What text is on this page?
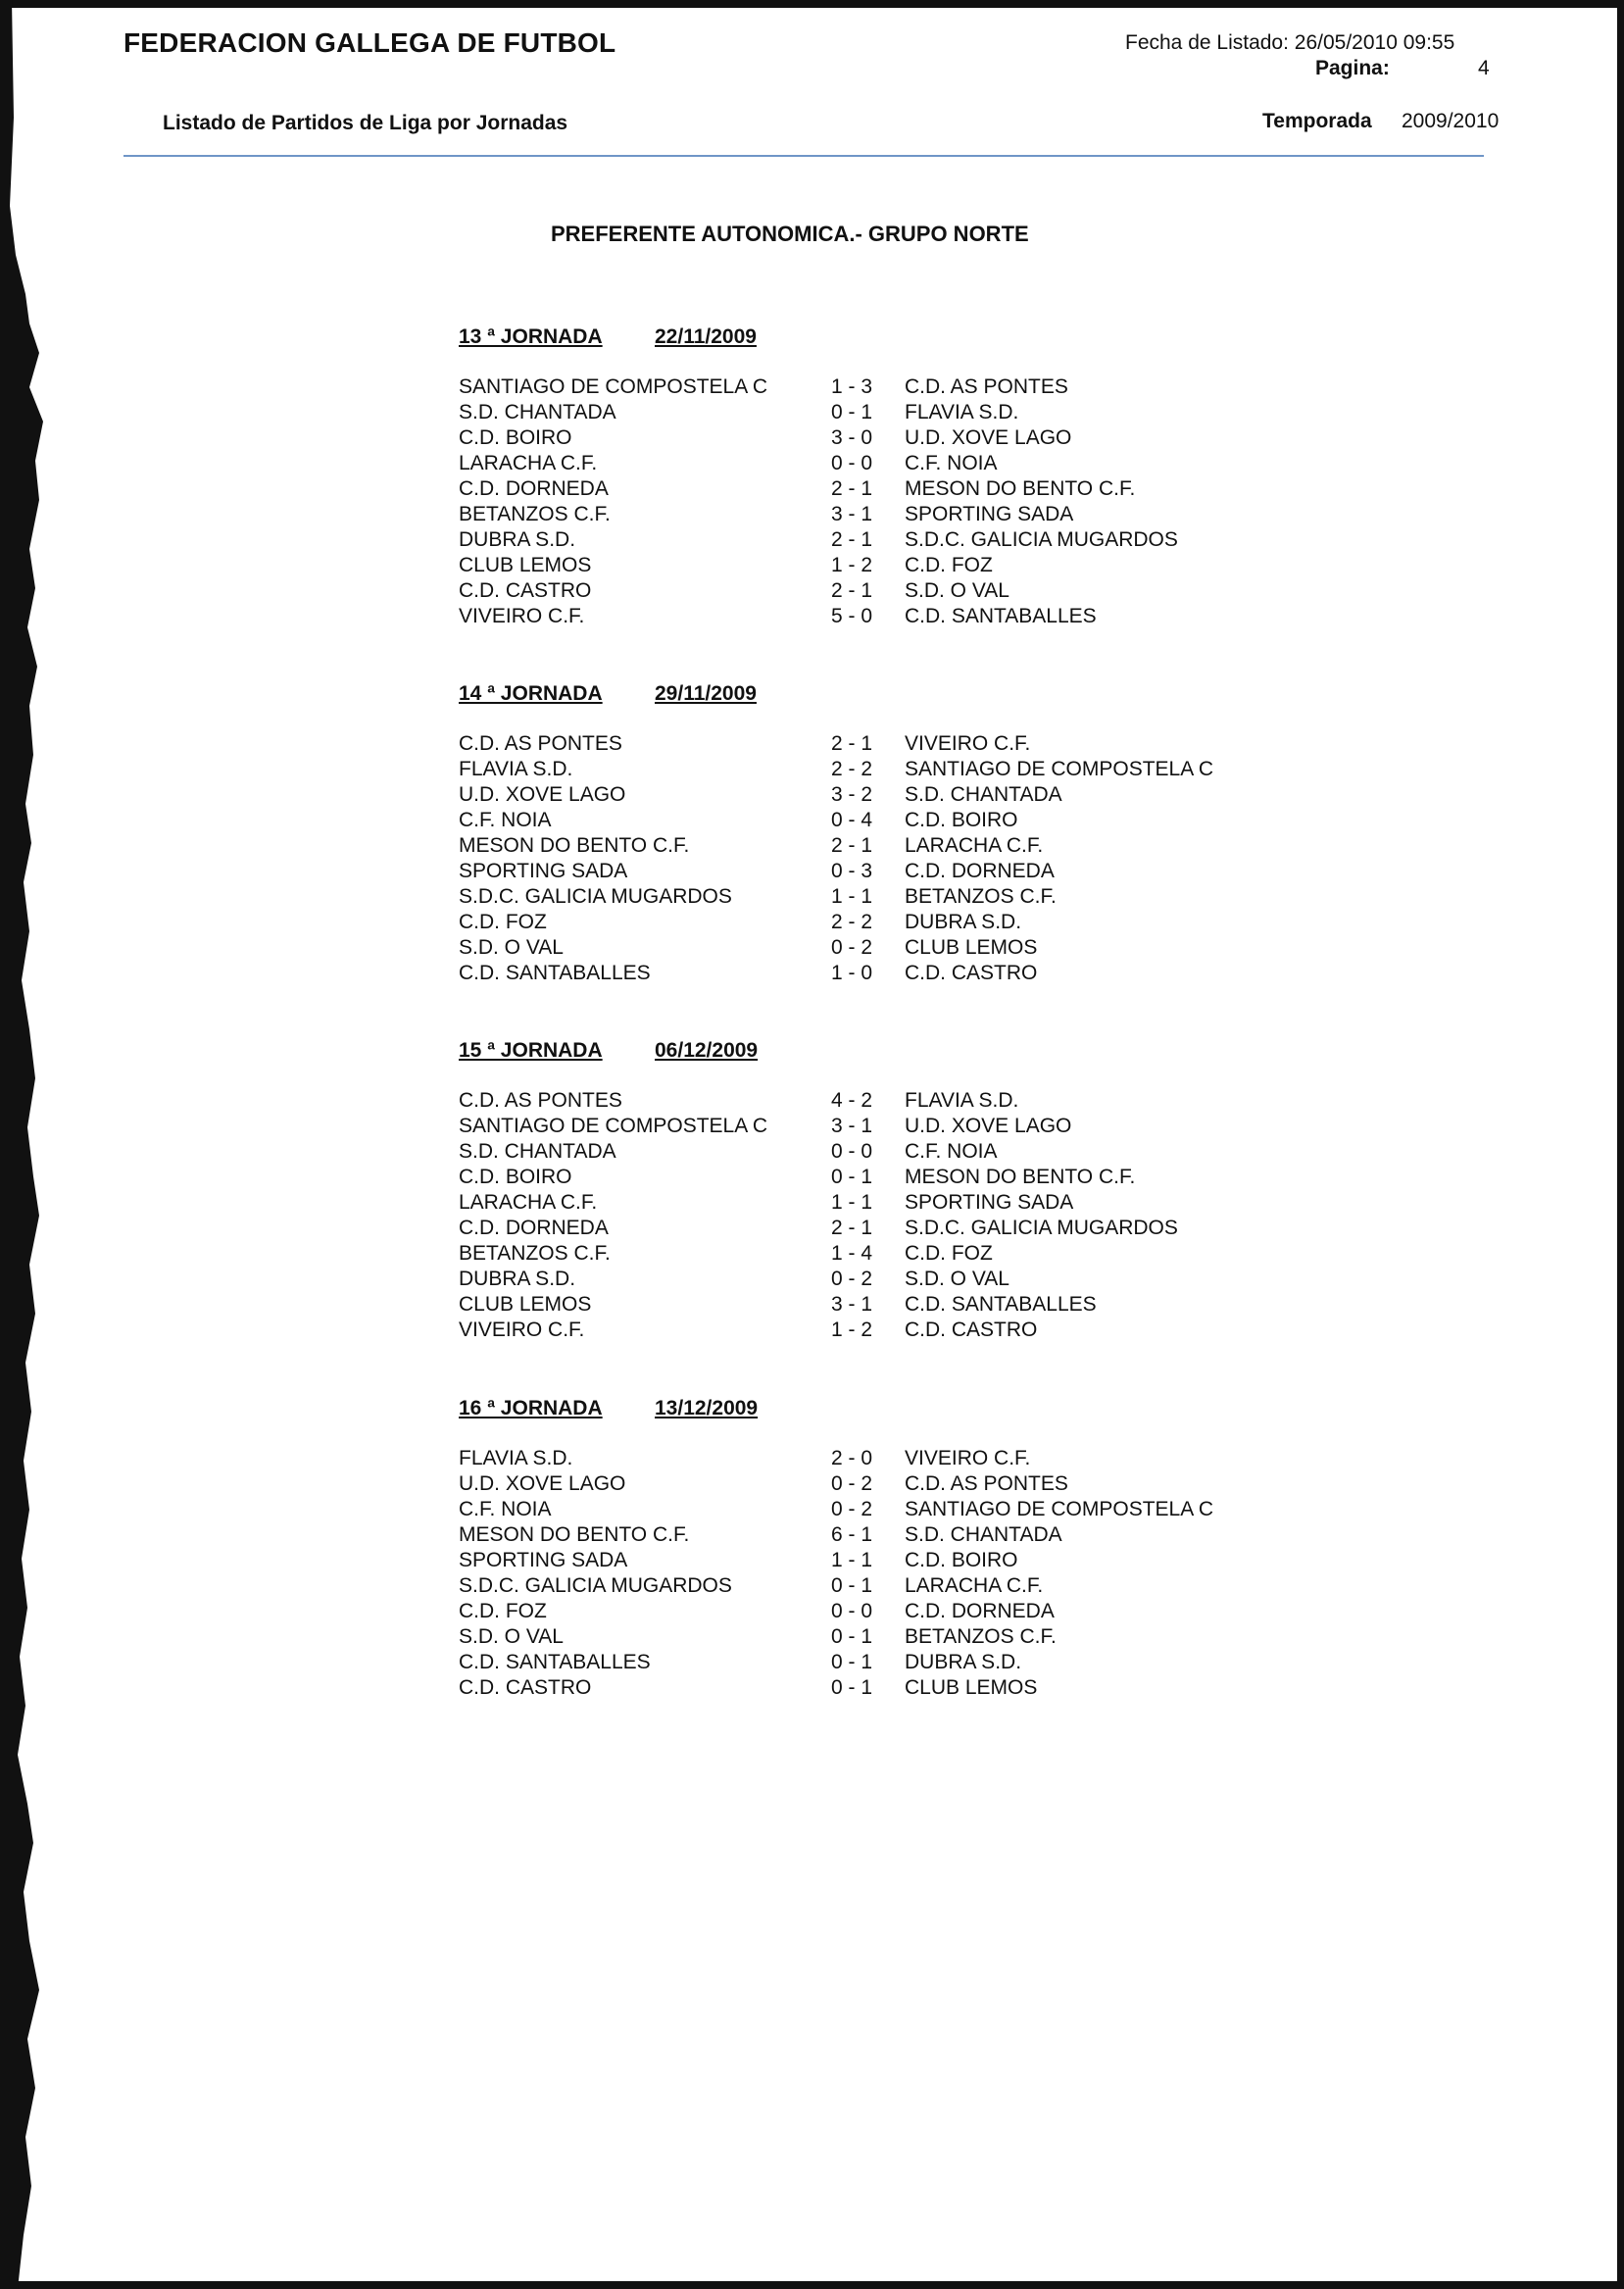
FEDERACION GALLEGA DE FUTBOL	Fecha de Listado: 26/05/2010 09:55
Pagina:	4
Listado de Partidos de Liga por Jornadas	Temporada 2009/2010
PREFERENTE AUTONOMICA.- GRUPO NORTE
13 ª JORNADA	22/11/2009
SANTIAGO DE COMPOSTELA C	1 - 3 C.D. AS PONTES
S.D. CHANTADA	0 - 1 FLAVIA S.D.
C.D. BOIRO	3 - 0 U.D. XOVE LAGO
LARACHA C.F.	0 - 0 C.F. NOIA
C.D. DORNEDA	2 - 1 MESON DO BENTO C.F.
BETANZOS C.F.	3 - 1 SPORTING SADA
DUBRA S.D.	2 - 1 S.D.C. GALICIA MUGARDOS
CLUB LEMOS	1 - 2 C.D. FOZ
C.D. CASTRO	2 - 1 S.D. O VAL
VIVEIRO C.F.	5 - 0 C.D. SANTABALLES
14 ª JORNADA	29/11/2009
C.D. AS PONTES	2 - 1 VIVEIRO C.F.
FLAVIA S.D.	2 - 2 SANTIAGO DE COMPOSTELA C
U.D. XOVE LAGO	3 - 2 S.D. CHANTADA
C.F. NOIA	0 - 4 C.D. BOIRO
MESON DO BENTO C.F.	2 - 1 LARACHA C.F.
SPORTING SADA	0 - 3 C.D. DORNEDA
S.D.C. GALICIA MUGARDOS	1 - 1 BETANZOS C.F.
C.D. FOZ	2 - 2 DUBRA S.D.
S.D. O VAL	0 - 2 CLUB LEMOS
C.D. SANTABALLES	1 - 0 C.D. CASTRO
15 ª JORNADA	06/12/2009
C.D. AS PONTES	4 - 2 FLAVIA S.D.
SANTIAGO DE COMPOSTELA C	3 - 1 U.D. XOVE LAGO
S.D. CHANTADA	0 - 0 C.F. NOIA
C.D. BOIRO	0 - 1 MESON DO BENTO C.F.
LARACHA C.F.	1 - 1 SPORTING SADA
C.D. DORNEDA	2 - 1 S.D.C. GALICIA MUGARDOS
BETANZOS C.F.	1 - 4 C.D. FOZ
DUBRA S.D.	0 - 2 S.D. O VAL
CLUB LEMOS	3 - 1 C.D. SANTABALLES
VIVEIRO C.F.	1 - 2 C.D. CASTRO
16 ª JORNADA	13/12/2009
FLAVIA S.D.	2 - 0 VIVEIRO C.F.
U.D. XOVE LAGO	0 - 2 C.D. AS PONTES
C.F. NOIA	0 - 2 SANTIAGO DE COMPOSTELA C
MESON DO BENTO C.F.	6 - 1 S.D. CHANTADA
SPORTING SADA	1 - 1 C.D. BOIRO
S.D.C. GALICIA MUGARDOS	0 - 1 LARACHA C.F.
C.D. FOZ	0 - 0 C.D. DORNEDA
S.D. O VAL	0 - 1 BETANZOS C.F.
C.D. SANTABALLES	0 - 1 DUBRA S.D.
C.D. CASTRO	0 - 1 CLUB LEMOS
